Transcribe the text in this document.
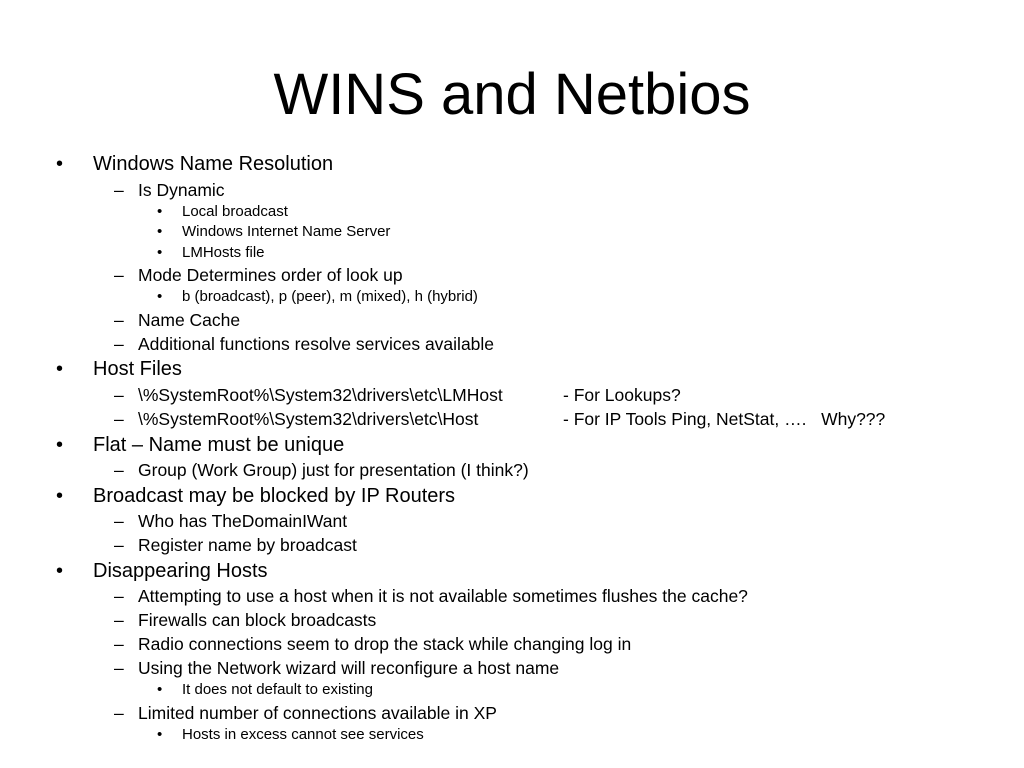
WINS and Netbios
• Windows Name Resolution
– Is Dynamic
• Local broadcast
• Windows Internet Name Server
• LMHosts file
– Mode Determines order of look up
• b (broadcast), p (peer), m (mixed), h (hybrid)
– Name Cache
– Additional functions resolve services available
• Host Files
– \%SystemRoot%\System32\drivers\etc\LMHost	- For Lookups?
– \%SystemRoot%\System32\drivers\etc\Host	- For IP Tools Ping, NetStat, ….   Why???
• Flat – Name must be unique
– Group (Work Group) just for presentation (I think?)
• Broadcast may be blocked by IP Routers
– Who has TheDomainIWant
– Register name by broadcast
• Disappearing Hosts
– Attempting to use a host when it is not available sometimes flushes the cache?
– Firewalls can block broadcasts
– Radio connections seem to drop the stack while changing log in
– Using the Network wizard will reconfigure a host name
• It does not default to existing
– Limited number of connections available in XP
• Hosts in excess cannot see services
